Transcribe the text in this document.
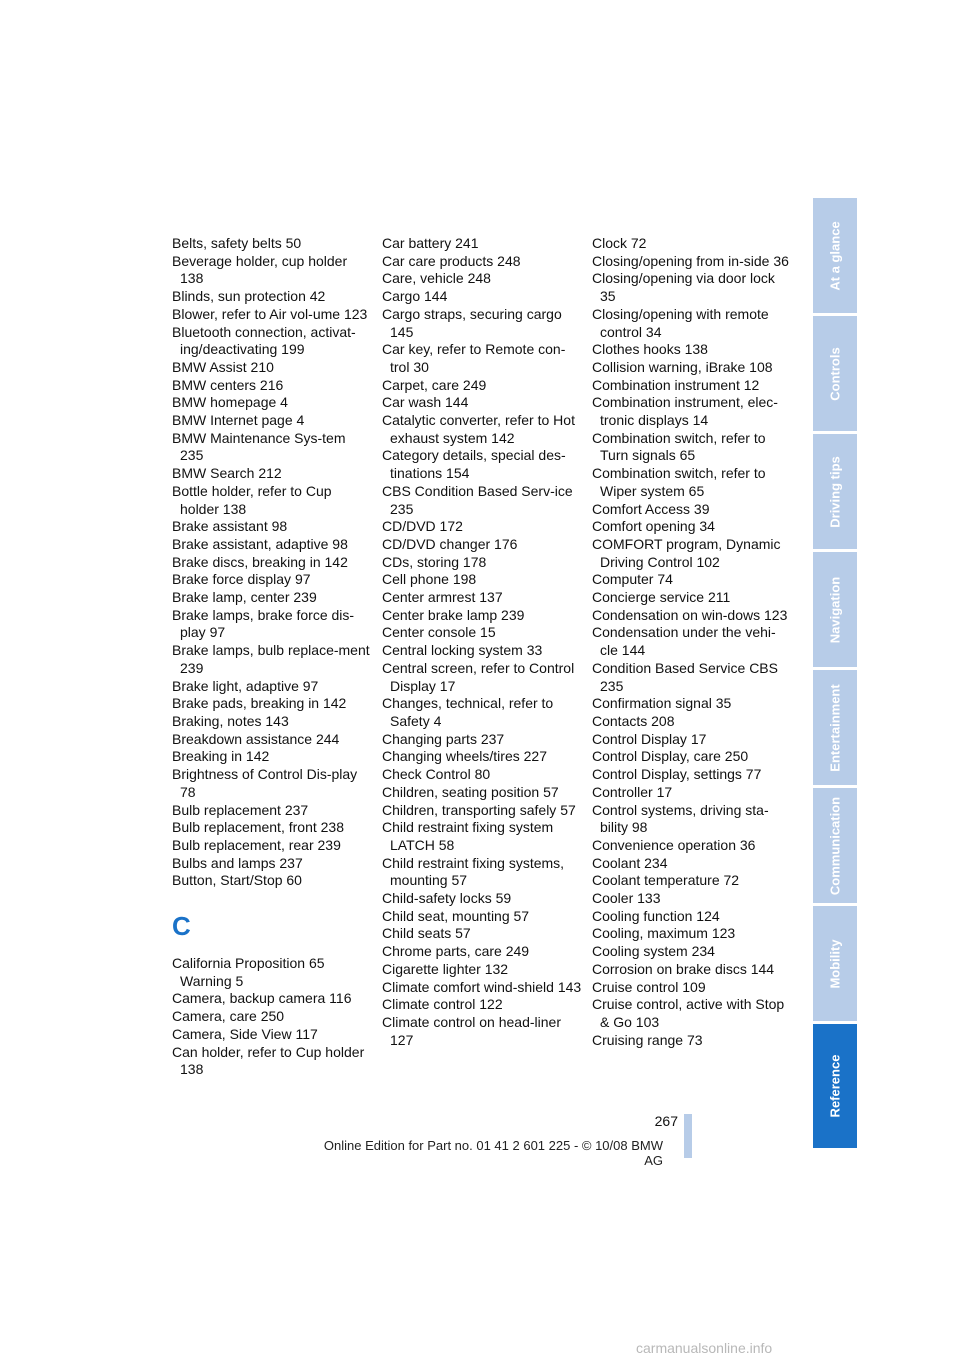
Belts, safety belts 50

Beverage holder, cup holder 138

Blinds, sun protection 42

Blower, refer to Air vol-ume 123

Bluetooth connection, activat-ing/deactivating 199

BMW Assist 210

BMW centers 216

BMW homepage 4

BMW Internet page 4

BMW Maintenance Sys-tem 235

BMW Search 212

Bottle holder, refer to Cup holder 138

Brake assistant 98

Brake assistant, adaptive 98

Brake discs, breaking in 142

Brake force display 97

Brake lamp, center 239

Brake lamps, brake force dis-play 97

Brake lamps, bulb replace-ment 239

Brake light, adaptive 97

Brake pads, breaking in 142

Braking, notes 143

Breakdown assistance 244

Breaking in 142

Brightness of Control Dis-play 78

Bulb replacement 237

Bulb replacement, front 238

Bulb replacement, rear 239

Bulbs and lamps 237

Button, Start/Stop 60

C

California Proposition 65 Warning 5

Camera, backup camera 116

Camera, care 250

Camera, Side View 117

Can holder, refer to Cup holder 138

Car battery 241

Car care products 248

Care, vehicle 248

Cargo 144

Cargo straps, securing cargo 145

Car key, refer to Remote con-trol 30

Carpet, care 249

Car wash 144

Catalytic converter, refer to Hot exhaust system 142

Category details, special des-tinations 154

CBS Condition Based Serv-ice 235

CD/DVD 172

CD/DVD changer 176

CDs, storing 178

Cell phone 198

Center armrest 137

Center brake lamp 239

Center console 15

Central locking system 33

Central screen, refer to Control Display 17

Changes, technical, refer to Safety 4

Changing parts 237

Changing wheels/tires 227

Check Control 80

Children, seating position 57

Children, transporting safely 57

Child restraint fixing system LATCH 58

Child restraint fixing systems, mounting 57

Child-safety locks 59

Child seat, mounting 57

Child seats 57

Chrome parts, care 249

Cigarette lighter 132

Climate comfort wind-shield 143

Climate control 122

Climate control on head-liner 127

Clock 72

Closing/opening from in-side 36

Closing/opening via door lock 35

Closing/opening with remote control 34

Clothes hooks 138

Collision warning, iBrake 108

Combination instrument 12

Combination instrument, elec-tronic displays 14

Combination switch, refer to Turn signals 65

Combination switch, refer to Wiper system 65

Comfort Access 39

Comfort opening 34

COMFORT program, Dynamic Driving Control 102

Computer 74

Concierge service 211

Condensation on win-dows 123

Condensation under the vehi-cle 144

Condition Based Service CBS 235

Confirmation signal 35

Contacts 208

Control Display 17

Control Display, care 250

Control Display, settings 77

Controller 17

Control systems, driving sta-bility 98

Convenience operation 36

Coolant 234

Coolant temperature 72

Cooler 133

Cooling function 124

Cooling, maximum 123

Cooling system 234

Corrosion on brake discs 144

Cruise control 109

Cruise control, active with Stop & Go 103

Cruising range 73

At a glance
Controls
Driving tips
Navigation
Entertainment
Communication
Mobility
Reference
267
Online Edition for Part no. 01 41 2 601 225 - © 10/08 BMW AG
carmanualsonline.info
